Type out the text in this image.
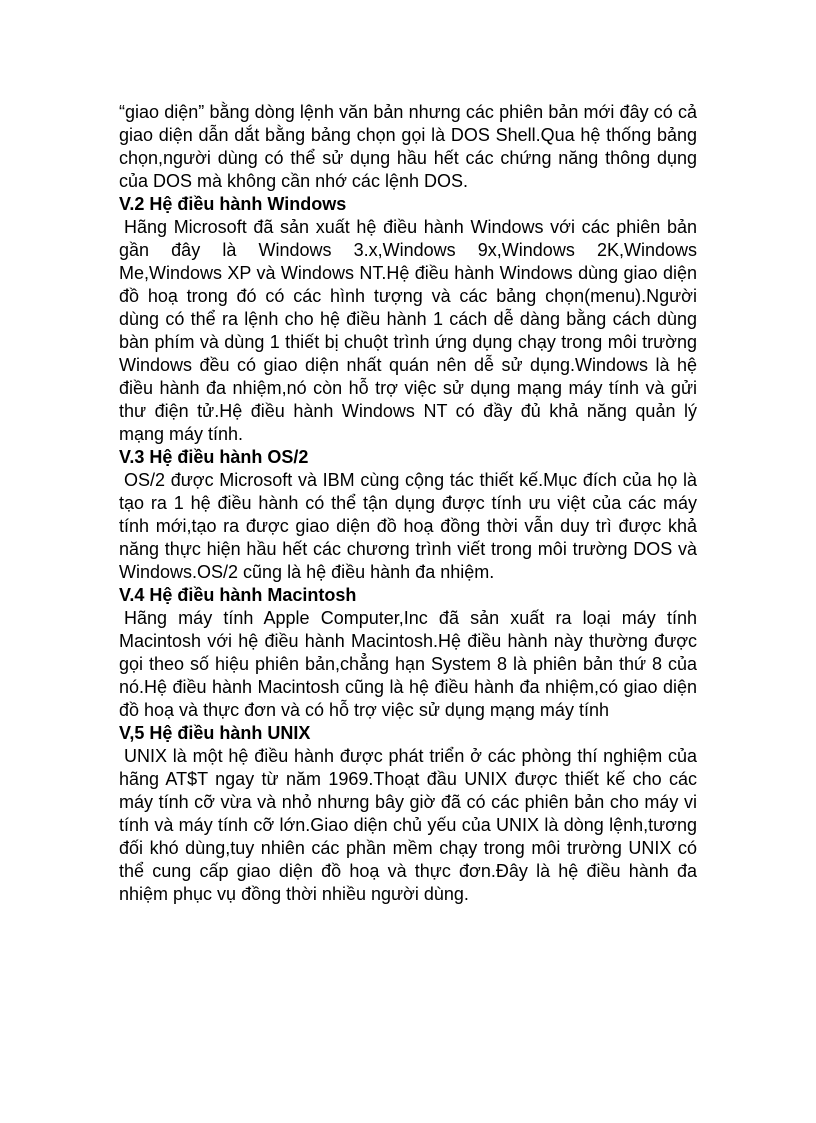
“giao diện” bằng dòng lệnh văn bản nhưng các phiên bản mới đây có cả giao diện dẫn dắt bằng bảng chọn gọi là DOS Shell.Qua hệ thống bảng chọn,người dùng có thể sử dụng hầu hết các chứng năng thông dụng của DOS mà không cần nhớ các lệnh DOS.

V.2 Hệ điều hành Windows

Hãng Microsoft đã sản xuất hệ điều hành Windows với các phiên bản gần đây là Windows 3.x,Windows 9x,Windows 2K,Windows Me,Windows XP và Windows NT.Hệ điều hành Windows dùng giao diện đồ hoạ trong đó có các hình tượng và các bảng chọn(menu).Người dùng có thể ra lệnh cho hệ điều hành 1 cách dễ dàng bằng cách dùng bàn phím và dùng 1 thiết bị chuột trình ứng dụng chạy trong môi trường Windows đều có giao diện nhất quán nên dễ sử dụng.Windows là hệ điều hành đa nhiệm,nó còn hỗ trợ việc sử dụng mạng máy tính và gửi thư điện tử.Hệ điều hành Windows NT có đầy đủ khả năng quản lý mạng máy tính.

V.3 Hệ điều hành OS/2

OS/2 được Microsoft và IBM cùng cộng tác thiết kế.Mục đích của họ là tạo ra 1 hệ điều hành có thể tận dụng được tính ưu việt của các máy tính mới,tạo ra được giao diện đồ hoạ đồng thời vẫn duy trì được khả năng thực hiện hầu hết các chương trình viết trong môi trường DOS và Windows.OS/2 cũng là hệ điều hành đa nhiệm.

V.4 Hệ điều hành Macintosh

Hãng máy tính Apple Computer,Inc đã sản xuất ra loại máy tính Macintosh với hệ điều hành Macintosh.Hệ điều hành này thường được gọi theo số hiệu phiên bản,chẳng hạn System 8 là phiên bản thứ 8 của nó.Hệ điều hành Macintosh cũng là hệ điều hành đa nhiệm,có giao diện đồ hoạ và thực đơn và có hỗ trợ việc sử dụng mạng máy tính

V,5 Hệ điều hành UNIX

UNIX là một hệ điều hành được phát triển ở các phòng thí nghiệm của hãng AT$T ngay từ năm 1969.Thoạt đầu UNIX được thiết kế cho các máy tính cỡ vừa và nhỏ nhưng bây giờ đã có các phiên bản cho máy vi tính và máy tính cỡ lớn.Giao diện chủ yếu của UNIX là dòng lệnh,tương đối khó dùng,tuy nhiên các phần mềm chạy trong môi trường UNIX có thể cung cấp giao diện đồ hoạ và thực đơn.Đây là hệ điều hành đa nhiệm phục vụ đồng thời nhiều người dùng.
